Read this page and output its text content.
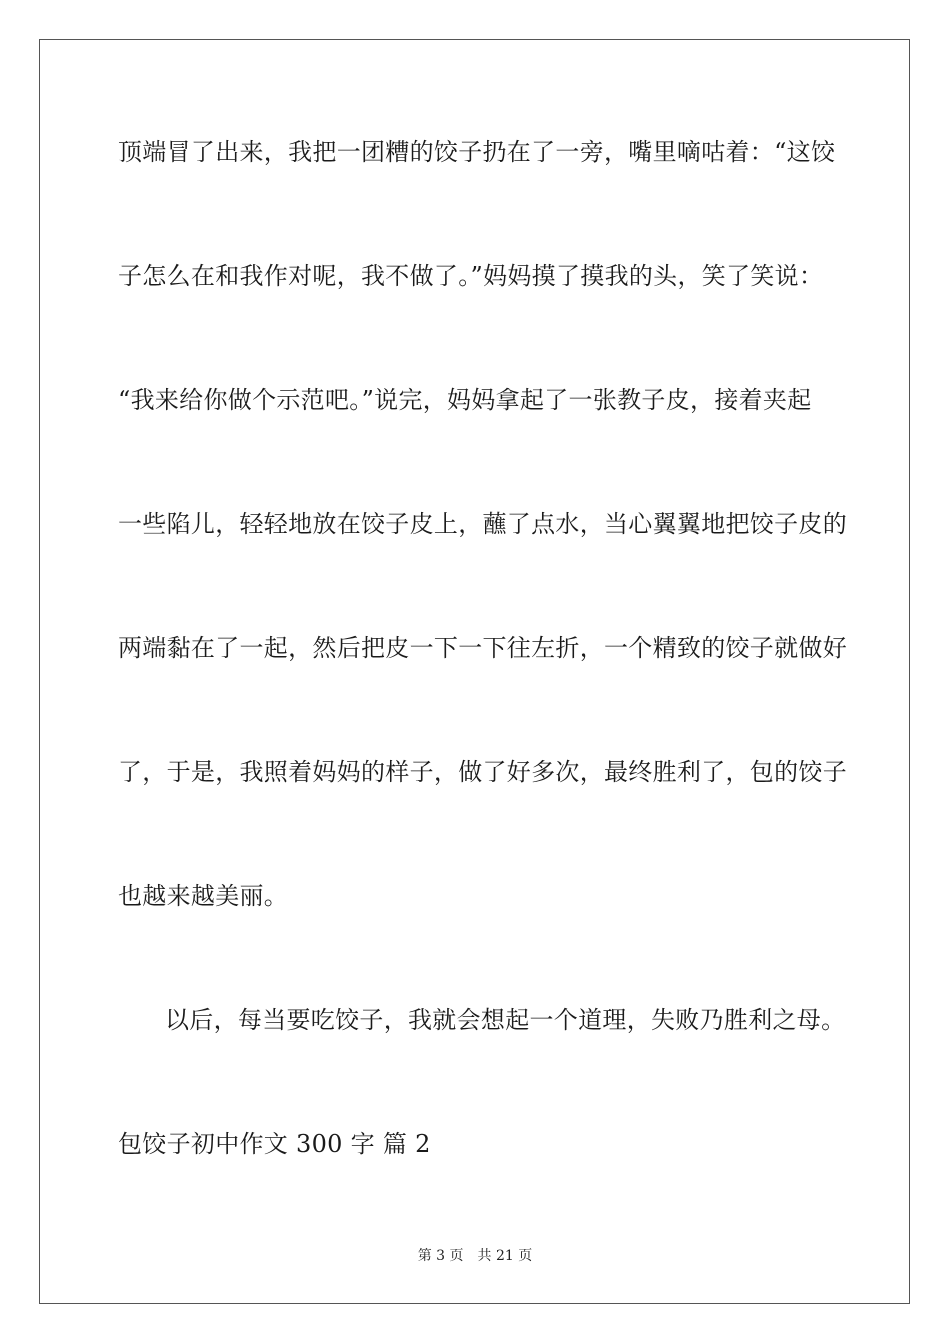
顶端冒了出来，我把一团糟的饺子扔在了一旁，嘴里嘀咕着：“这饺
子怎么在和我作对呢，我不做了。”妈妈摸了摸我的头，笑了笑说：
“我来给你做个示范吧。”说完，妈妈拿起了一张教子皮，接着夹起
一些陷儿，轻轻地放在饺子皮上，蘸了点水，当心翼翼地把饺子皮的
两端黏在了一起，然后把皮一下一下往左折，一个精致的饺子就做好
了，于是，我照着妈妈的样子，做了好多次，最终胜利了，包的饺子
也越来越美丽。
以后，每当要吃饺子，我就会想起一个道理，失败乃胜利之母。
包饺子初中作文 300 字 篇 2
第 3 页 共 21 页
